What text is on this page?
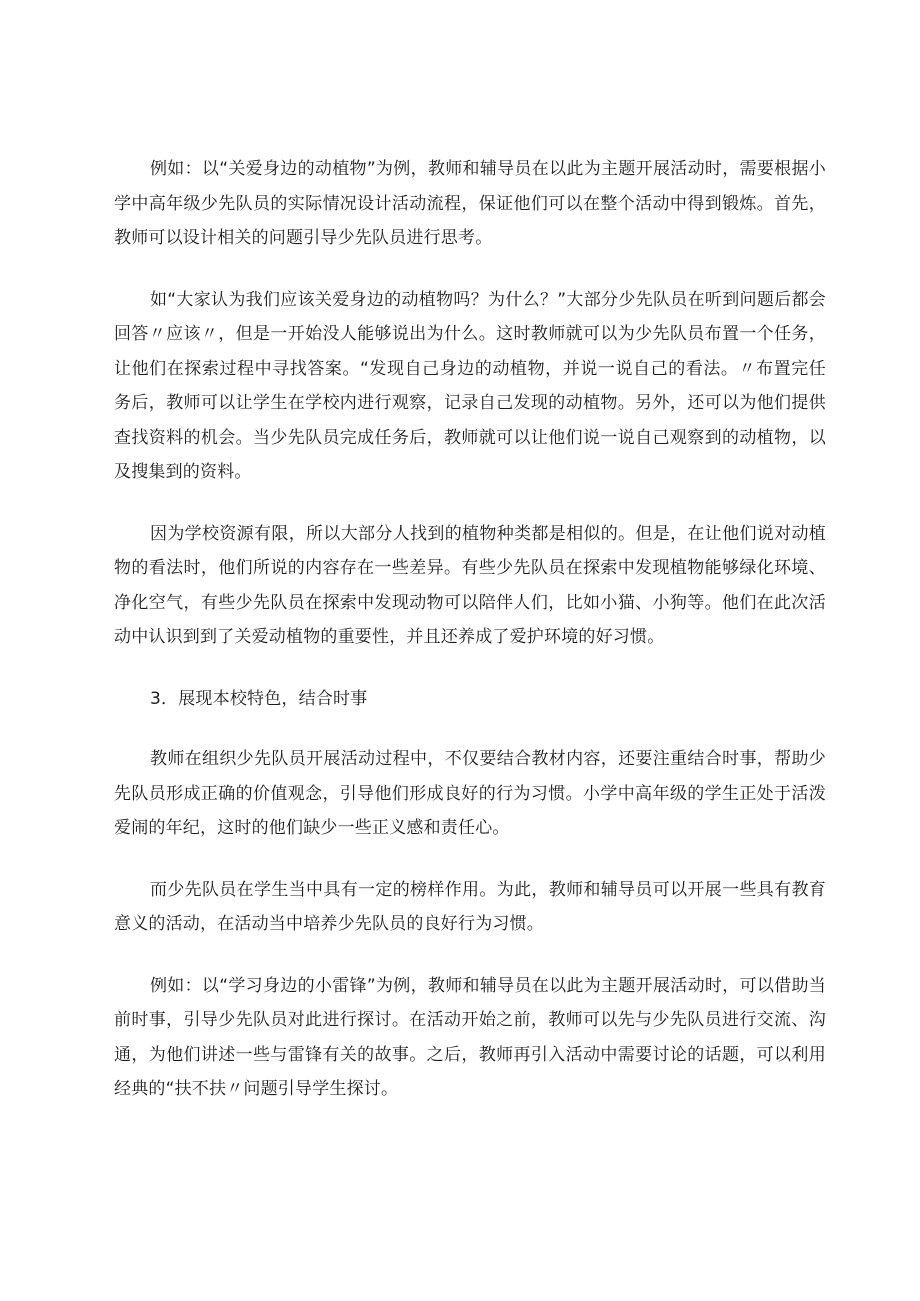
例如：以“关爱身边的动植物”为例，教师和辅导员在以此为主题开展活动时，需要根据小学中高年级少先队员的实际情况设计活动流程，保证他们可以在整个活动中得到锻炼。首先，教师可以设计相关的问题引导少先队员进行思考。

如“大家认为我们应该关爱身边的动植物吗？为什么？”大部分少先队员在听到问题后都会回答〃应该〃，但是一开始没人能够说出为什么。这时教师就可以为少先队员布置一个任务，让他们在探索过程中寻找答案。“发现自己身边的动植物，并说一说自己的看法。〃布置完任务后，教师可以让学生在学校内进行观察，记录自己发现的动植物。另外，还可以为他们提供查找资料的机会。当少先队员完成任务后，教师就可以让他们说一说自己观察到的动植物，以及搜集到的资料。

因为学校资源有限，所以大部分人找到的植物种类都是相似的。但是，在让他们说对动植物的看法时，他们所说的内容存在一些差异。有些少先队员在探索中发现植物能够绿化环境、净化空气，有些少先队员在探索中发现动物可以陪伴人们，比如小猫、小狗等。他们在此次活动中认识到到了关爱动植物的重要性，并且还养成了爱护环境的好习惯。

3．展现本校特色，结合时事

教师在组织少先队员开展活动过程中，不仅要结合教材内容，还要注重结合时事，帮助少先队员形成正确的价值观念，引导他们形成良好的行为习惯。小学中高年级的学生正处于活泼爱闹的年纪，这时的他们缺少一些正义感和责任心。

而少先队员在学生当中具有一定的榜样作用。为此，教师和辅导员可以开展一些具有教育意义的活动，在活动当中培养少先队员的良好行为习惯。

例如：以“学习身边的小雷锋”为例，教师和辅导员在以此为主题开展活动时，可以借助当前时事，引导少先队员对此进行探讨。在活动开始之前，教师可以先与少先队员进行交流、沟通，为他们讲述一些与雷锋有关的故事。之后，教师再引入活动中需要讨论的话题，可以利用经典的“扶不扶〃问题引导学生探讨。
